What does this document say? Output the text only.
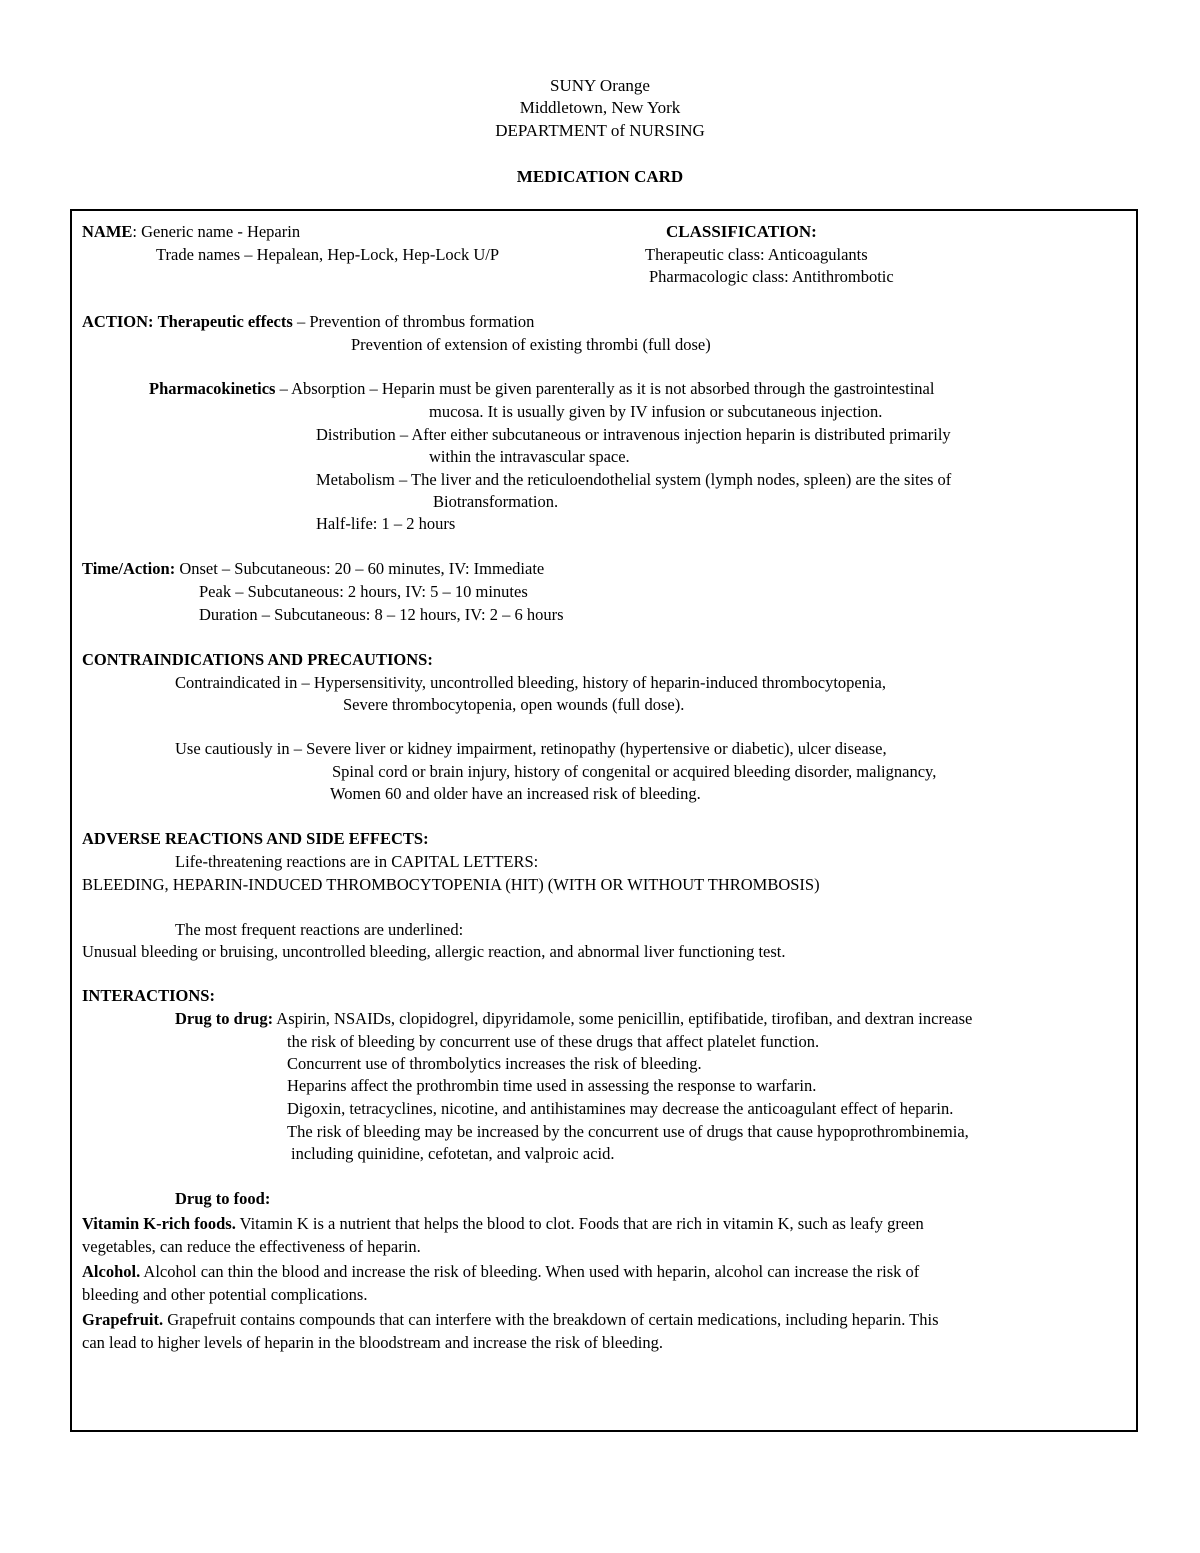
SUNY Orange
Middletown, New York
DEPARTMENT of NURSING
MEDICATION CARD
NAME: Generic name - Heparin
Trade names – Hepalean, Hep-Lock, Hep-Lock U/P
CLASSIFICATION:
Therapeutic class: Anticoagulants
Pharmacologic class: Antithrombotic
ACTION: Therapeutic effects – Prevention of thrombus formation
Prevention of extension of existing thrombi (full dose)
Pharmacokinetics – Absorption – Heparin must be given parenterally as it is not absorbed through the gastrointestinal
mucosa. It is usually given by IV infusion or subcutaneous injection.
Distribution – After either subcutaneous or intravenous injection heparin is distributed primarily
within the intravascular space.
Metabolism – The liver and the reticuloendothelial system (lymph nodes, spleen) are the sites of
Biotransformation.
Half-life: 1 – 2 hours
Time/Action: Onset – Subcutaneous: 20 – 60 minutes, IV: Immediate
Peak – Subcutaneous: 2 hours, IV: 5 – 10 minutes
Duration – Subcutaneous: 8 – 12 hours, IV: 2 – 6 hours
CONTRAINDICATIONS AND PRECAUTIONS:
Contraindicated in – Hypersensitivity, uncontrolled bleeding, history of heparin-induced thrombocytopenia,
Severe thrombocytopenia, open wounds (full dose).
Use cautiously in – Severe liver or kidney impairment, retinopathy (hypertensive or diabetic), ulcer disease,
Spinal cord or brain injury, history of congenital or acquired bleeding disorder, malignancy,
Women 60 and older have an increased risk of bleeding.
ADVERSE REACTIONS AND SIDE EFFECTS:
Life-threatening reactions are in CAPITAL LETTERS:
BLEEDING, HEPARIN-INDUCED THROMBOCYTOPENIA (HIT) (WITH OR WITHOUT THROMBOSIS)
The most frequent reactions are underlined:
Unusual bleeding or bruising, uncontrolled bleeding, allergic reaction, and abnormal liver functioning test.
INTERACTIONS:
Drug to drug: Aspirin, NSAIDs, clopidogrel, dipyridamole, some penicillin, eptifibatide, tirofiban, and dextran increase
the risk of bleeding by concurrent use of these drugs that affect platelet function.
Concurrent use of thrombolytics increases the risk of bleeding.
Heparins affect the prothrombin time used in assessing the response to warfarin.
Digoxin, tetracyclines, nicotine, and antihistamines may decrease the anticoagulant effect of heparin.
The risk of bleeding may be increased by the concurrent use of drugs that cause hypoprothrombinemia,
including quinidine, cefotetan, and valproic acid.
Drug to food:
Vitamin K-rich foods. Vitamin K is a nutrient that helps the blood to clot. Foods that are rich in vitamin K, such as leafy green
vegetables, can reduce the effectiveness of heparin.
Alcohol. Alcohol can thin the blood and increase the risk of bleeding. When used with heparin, alcohol can increase the risk of
bleeding and other potential complications.
Grapefruit. Grapefruit contains compounds that can interfere with the breakdown of certain medications, including heparin. This
can lead to higher levels of heparin in the bloodstream and increase the risk of bleeding.
